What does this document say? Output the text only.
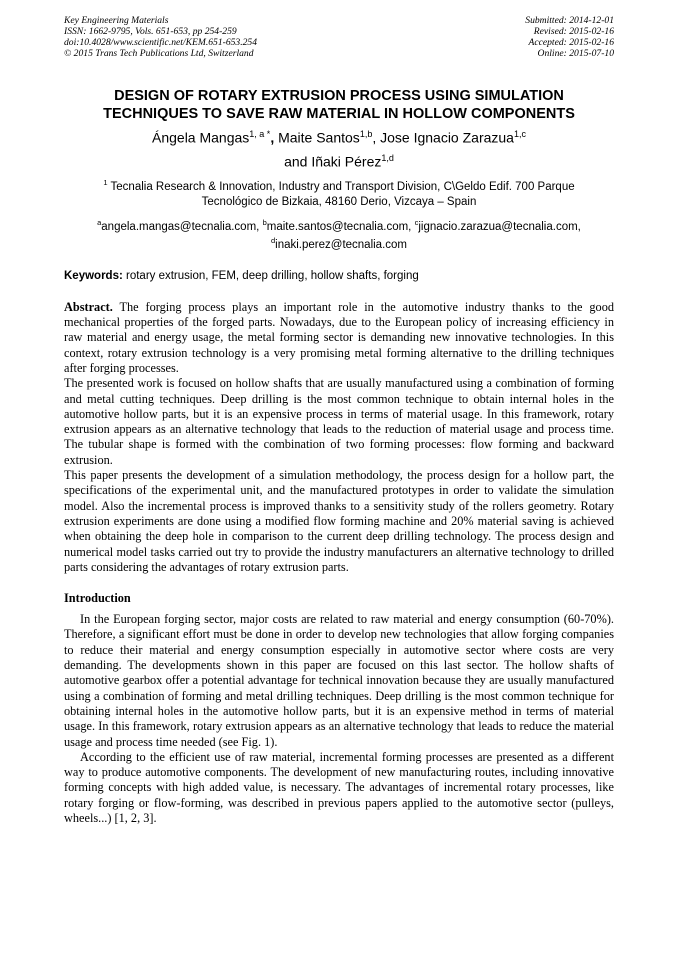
Key Engineering Materials
ISSN: 1662-9795, Vols. 651-653, pp 254-259
doi:10.4028/www.scientific.net/KEM.651-653.254
© 2015 Trans Tech Publications Ltd, Switzerland
Submitted: 2014-12-01
Revised: 2015-02-16
Accepted: 2015-02-16
Online: 2015-07-10
DESIGN OF ROTARY EXTRUSION PROCESS USING SIMULATION
TECHNIQUES TO SAVE RAW MATERIAL IN HOLLOW COMPONENTS
Ángela Mangas$^{1, a *}$, Maite Santos$^{1,b}$, Jose Ignacio Zarazua$^{1,c}$
and Iñaki Pérez$^{1,d}$
$^1$ Tecnalia Research & Innovation, Industry and Transport Division, C\Geldo Edif. 700 Parque Tecnológico de Bizkaia, 48160 Derio, Vizcaya – Spain
$^a$angela.mangas@tecnalia.com, $^b$maite.santos@tecnalia.com, $^c$jignacio.zarazua@tecnalia.com,
$^d$inaki.perez@tecnalia.com
Keywords: rotary extrusion, FEM, deep drilling, hollow shafts, forging

Abstract. The forging process plays an important role in the automotive industry thanks to the good mechanical properties of the forged parts. Nowadays, due to the European policy of increasing efficiency in raw material and energy usage, the metal forming sector is demanding new innovative technologies. In this context, rotary extrusion technology is a very promising metal forming alternative to the drilling techniques after forging processes.

The presented work is focused on hollow shafts that are usually manufactured using a combination of forming and metal cutting techniques. Deep drilling is the most common technique to obtain internal holes in the automotive hollow parts, but it is an expensive process in terms of material usage. In this framework, rotary extrusion appears as an alternative technology that leads to the reduction of material usage and process time. The tubular shape is formed with the combination of two forming processes: flow forming and backward extrusion.

This paper presents the development of a simulation methodology, the process design for a hollow part, the specifications of the experimental unit, and the manufactured prototypes in order to validate the simulation model. Also the incremental process is improved thanks to a sensitivity study of the rollers geometry. Rotary extrusion experiments are done using a modified flow forming machine and 20% material saving is achieved when obtaining the deep hole in comparison to the current deep drilling technology. The process design and numerical model tasks carried out try to provide the industry manufacturers an alternative technology to drilled parts considering the advantages of rotary extrusion parts.

Introduction

In the European forging sector, major costs are related to raw material and energy consumption (60-70%). Therefore, a significant effort must be done in order to develop new technologies that allow forging companies to reduce their material and energy consumption especially in automotive sector where costs are very demanding. The developments shown in this paper are focused on this last sector. The hollow shafts of automotive gearbox offer a potential advantage for technical innovation because they are usually manufactured using a combination of forming and metal drilling techniques. Deep drilling is the most common technique for obtaining internal holes in the automotive hollow parts, but it is an expensive method in terms of material usage. In this framework, rotary extrusion appears as an alternative technology that leads to reduce the material usage and process time needed (see Fig. 1).

According to the efficient use of raw material, incremental forming processes are presented as a different way to produce automotive components. The development of new manufacturing routes, including innovative forming concepts with high added value, is necessary. The advantages of incremental rotary processes, like rotary forging or flow-forming, was described in previous papers applied to the automotive sector (pulleys, wheels...) [1, 2, 3].
